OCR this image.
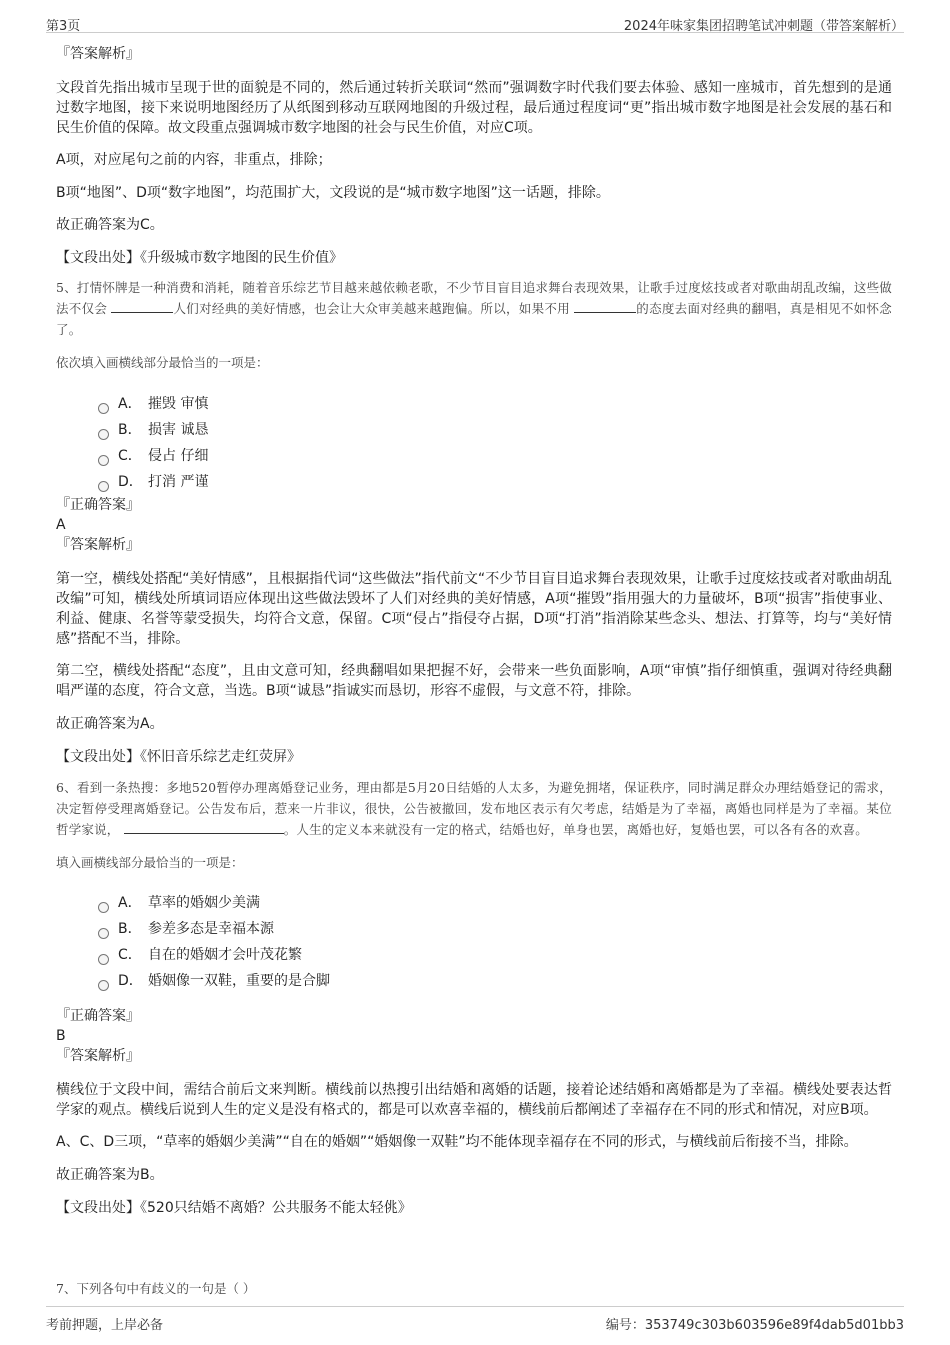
第3页	2024年味家集团招聘笔试冲刺题（带答案解析）

『答案解析』

文段首先指出城市呈现于世的面貌是不同的，然后通过转折关联词“然而”强调数字时代我们要去体验、感知一座城市，首先想到的是通过数字地图，接下来说明地图经历了从纸图到移动互联网地图的升级过程，最后通过程度词“更”指出城市数字地图是社会发展的基石和民生价值的保障。故文段重点强调城市数字地图的社会与民生价值，对应C项。

A项，对应尾句之前的内容，非重点，排除；

B项“地图”、D项“数字地图”，均范围扩大，文段说的是“城市数字地图”这一话题，排除。

故正确答案为C。

【文段出处】《升级城市数字地图的民生价值》

5、打情怀牌是一种消费和消耗，随着音乐综艺节目越来越依赖老歌，不少节目盲目追求舞台表现效果，让歌手过度炫技或者对歌曲胡乱改编，这些做法不仅会	人们对经典的美好情感，也会让大众审美越来越跑偏。所以，如果不用	的态度去面对经典的翻唱，真是相见不如怀念了。

依次填入画横线部分最恰当的一项是：

A． 摧毁 审慎
B． 损害 诚恳
C． 侵占 仔细
D． 打消 严谨

『正确答案』

A

『答案解析』

第一空，横线处搭配“美好情感”，且根据指代词“这些做法”指代前文“不少节目盲目追求舞台表现效果，让歌手过度炫技或者对歌曲胡乱改编”可知，横线处所填词语应体现出这些做法毁坏了人们对经典的美好情感，A项“摧毁”指用强大的力量破坏，B项“损害”指使事业、利益、健康、名誉等蒙受损失，均符合文意，保留。C项“侵占”指侵夺占据，D项“打消”指消除某些念头、想法、打算等，均与“美好情感”搭配不当，排除。

第二空，横线处搭配“态度”，且由文意可知，经典翻唱如果把握不好，会带来一些负面影响，A项“审慎”指仔细慎重，强调对待经典翻唱严谨的态度，符合文意，当选。B项“诚恳”指诚实而恳切，形容不虚假，与文意不符，排除。

故正确答案为A。

【文段出处】《怀旧音乐综艺走红荧屏》

6、看到一条热搜：多地520暂停办理离婚登记业务，理由都是5月20日结婚的人太多，为避免拥堵，保证秩序，同时满足群众办理结婚登记的需求，决定暂停受理离婚登记。公告发布后，惹来一片非议，很快，公告被撤回，发布地区表示有欠考虑，结婚是为了幸福，离婚也同样是为了幸福。某位哲学家说，	。人生的定义本来就没有一定的格式，结婚也好，单身也罢，离婚也好，复婚也罢，可以各有各的欢喜。

填入画横线部分最恰当的一项是：

A． 草率的婚姻少美满
B． 参差多态是幸福本源
C． 自在的婚姻才会叶茂花繁
D． 婚姻像一双鞋，重要的是合脚

『正确答案』

B

『答案解析』

横线位于文段中间，需结合前后文来判断。横线前以热搜引出结婚和离婚的话题，接着论述结婚和离婚都是为了幸福。横线处要表达哲学家的观点。横线后说到人生的定义是没有格式的，都是可以欢喜幸福的，横线前后都阐述了幸福存在不同的形式和情况，对应B项。

A、C、D三项，“草率的婚姻少美满”“自在的婚姻”“婚姻像一双鞋”均不能体现幸福存在不同的形式，与横线前后衔接不当，排除。

故正确答案为B。

【文段出处】《520只结婚不离婚？公共服务不能太轻佻》

7、下列各句中有歧义的一句是（ ）
考前押题，上岸必备	编号：353749c303b603596e89f4dab5d01bb3
